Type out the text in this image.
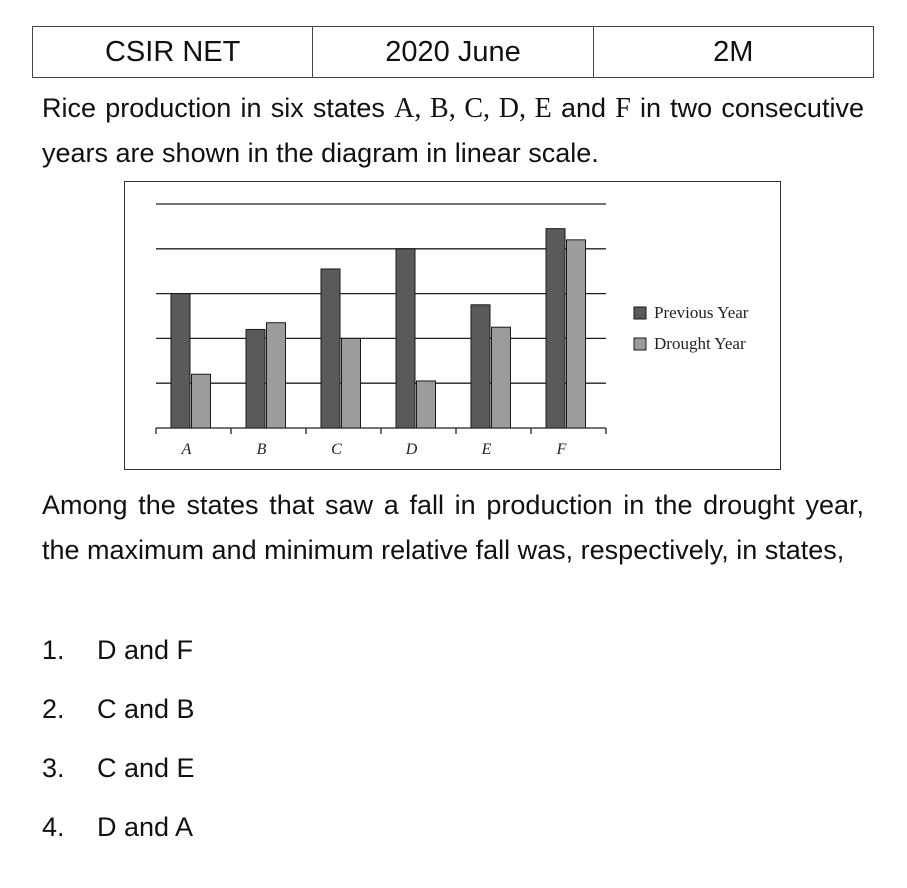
CSIR NET	2020 June	2M

Rice production in six states A, B, C, D, E and F in two consecutive years are shown in the diagram in linear scale.

A	B	C	D	E	F
Previous Year
Drought Year

Among the states that saw a fall in production in the drought year, the maximum and minimum relative fall was, respectively, in states,

1. D and F
2. C and B
3. C and E
4. D and A
